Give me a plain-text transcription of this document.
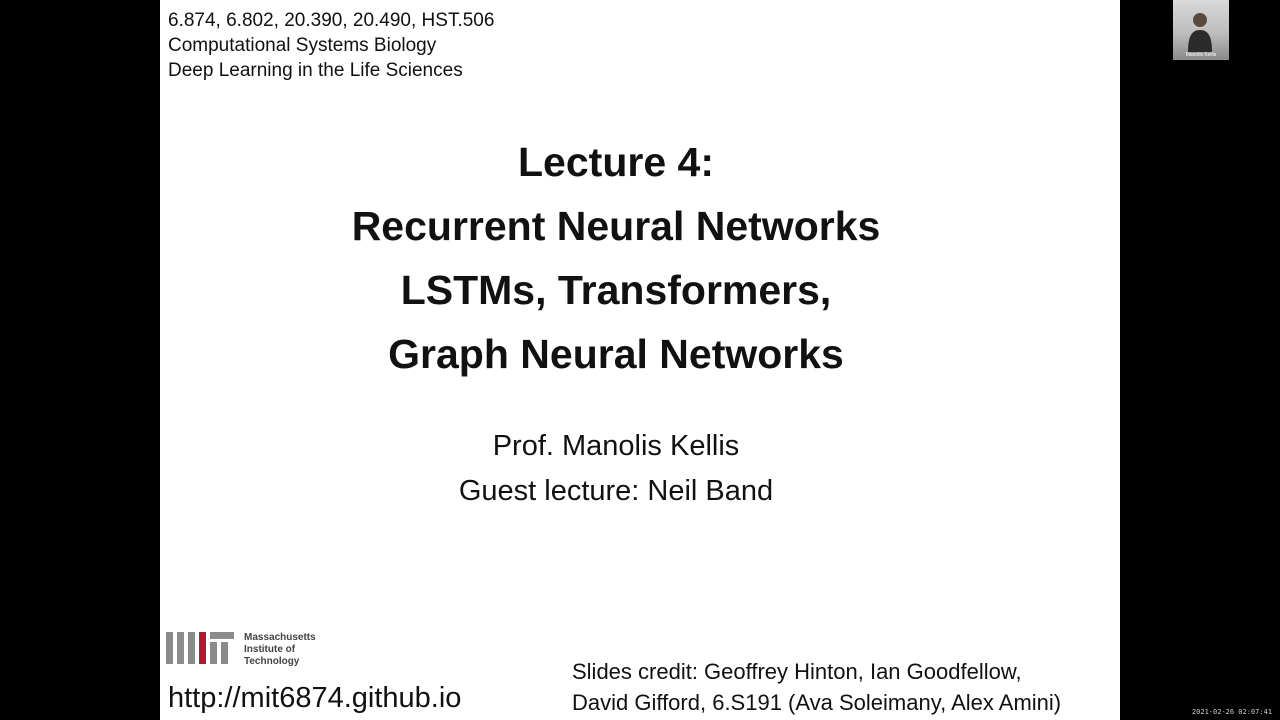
6.874, 6.802, 20.390, 20.490, HST.506
Computational Systems Biology
Deep Learning in the Life Sciences
Lecture 4:
Recurrent Neural Networks
LSTMs, Transformers,
Graph Neural Networks
Prof. Manolis Kellis
Guest lecture: Neil Band
Massachusetts
Institute of
Technology
http://mit6874.github.io
Slides credit: Geoffrey Hinton, Ian Goodfellow,
David Gifford, 6.S191 (Ava Soleimany, Alex Amini)
Manolis Kellis
2021-02-26 02:07:41
